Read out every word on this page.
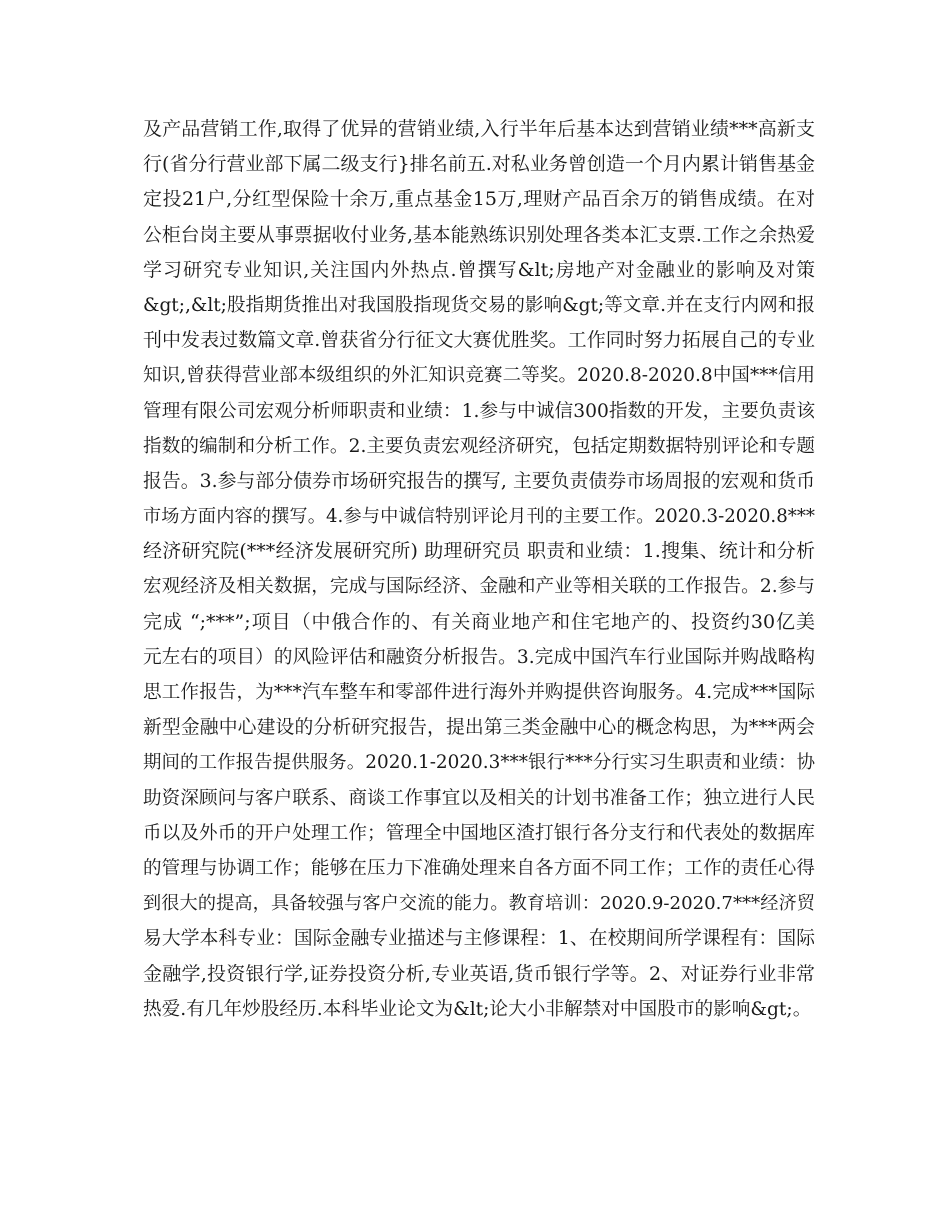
及产品营销工作,取得了优异的营销业绩,入行半年后基本达到营销业绩***高新支
行(省分行营业部下属二级支行}排名前五.对私业务曾创造一个月内累计销售基金
定投21户,分红型保险十余万,重点基金15万,理财产品百余万的销售成绩。在对
公柜台岗主要从事票据收付业务,基本能熟练识别处理各类本汇支票.工作之余热爱
学习研究专业知识,关注国内外热点.曾撰写&lt;房地产对金融业的影响及对策
&gt;,&lt;股指期货推出对我国股指现货交易的影响&gt;等文章.并在支行内网和报
刊中发表过数篇文章.曾获省分行征文大赛优胜奖。工作同时努力拓展自己的专业
知识,曾获得营业部本级组织的外汇知识竞赛二等奖。2020.8-2020.8中国***信用
管理有限公司宏观分析师职责和业绩：1.参与中诚信300指数的开发，主要负责该
指数的编制和分析工作。2.主要负责宏观经济研究，包括定期数据特别评论和专题
报告。3.参与部分债券市场研究报告的撰写, 主要负责债券市场周报的宏观和货币
市场方面内容的撰写。4.参与中诚信特别评论月刊的主要工作。2020.3-2020.8***
经济研究院(***经济发展研究所) 助理研究员 职责和业绩：1.搜集、统计和分析
宏观经济及相关数据，完成与国际经济、金融和产业等相关联的工作报告。2.参与
完成 “;***”;项目（中俄合作的、有关商业地产和住宅地产的、投资约30亿美
元左右的项目）的风险评估和融资分析报告。3.完成中国汽车行业国际并购战略构
思工作报告，为***汽车整车和零部件进行海外并购提供咨询服务。4.完成***国际
新型金融中心建设的分析研究报告，提出第三类金融中心的概念构思，为***两会
期间的工作报告提供服务。2020.1-2020.3***银行***分行实习生职责和业绩：协
助资深顾问与客户联系、商谈工作事宜以及相关的计划书准备工作；独立进行人民
币以及外币的开户处理工作；管理全中国地区渣打银行各分支行和代表处的数据库
的管理与协调工作；能够在压力下准确处理来自各方面不同工作；工作的责任心得
到很大的提高，具备较强与客户交流的能力。教育培训：2020.9-2020.7***经济贸
易大学本科专业：国际金融专业描述与主修课程：1、在校期间所学课程有：国际
金融学,投资银行学,证券投资分析,专业英语,货币银行学等。2、对证券行业非常
热爱.有几年炒股经历.本科毕业论文为&lt;论大小非解禁对中国股市的影响&gt;。
